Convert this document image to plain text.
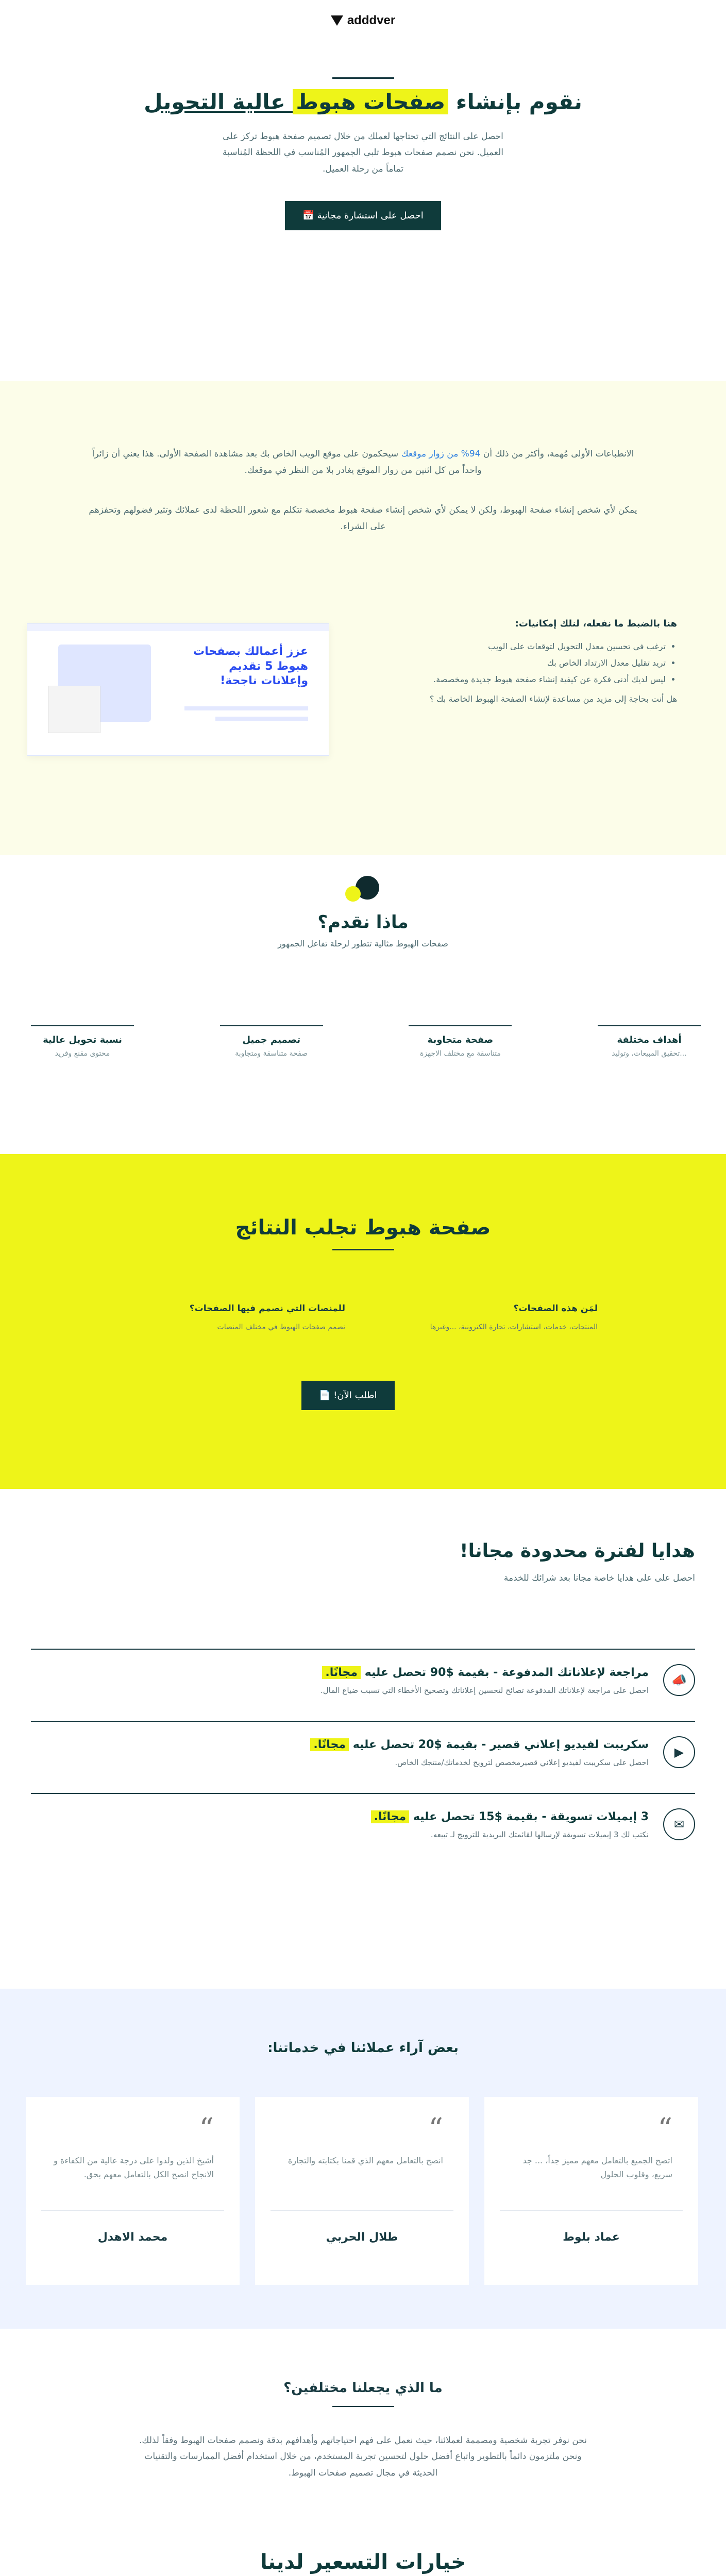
adddver
نقوم بإنشاء صفحات هبوط عالية التحويل

احصل على النتائج التي تحتاجها لعملك من خلال تصميم صفحة هبوط تركز على العميل. نحن نصمم صفحات هبوط تلبي الجمهور المُناسب في اللحظة المُناسبة تماماً من رحلة العميل.

احصل على استشارة مجانية 📅
الانطباعات الأولى مُهمة، وأكثر من ذلك أن 94% من زوار موقعك سيحكمون على موقع الويب الخاص بك بعد مشاهدة الصفحة الأولى. هذا يعني أن زائراً واحداً من كل اثنين من زوار الموقع يغادر بلا من النظر في موقعك.
يمكن لأي شخص إنشاء صفحة الهبوط، ولكن لا يمكن لأي شخص إنشاء صفحة هبوط مخصصة تتكلم مع شعور اللحظة لدى عملائك وتثير فضولهم وتحفزهم على الشراء.
هنا بالضبط ما نفعله، لنلك إمكانيات:
• ترغب في تحسين معدل التحويل لتوقعات على الويب
• تريد تقليل معدل الارتداد الخاص بك
• ليس لديك أدنى فكرة عن كيفية إنشاء صفحة هبوط جديدة ومخصصة.
هل أنت بحاجة إلى مزيد من مساعدة لإنشاء الصفحة الهبوط الخاصة بك ؟
عزز أعمالك بصفحات هبوط 5 تقديم وإعلانات ناجحة!
ماذا نقدم؟
صفحات الهبوط مثالية تتطور لرحلة تفاعل الجمهور
أهداف مختلفة

...تحقيق المبيعات، وتوليد

صفحة متجاوبة

متناسقة مع مختلف الاجهزة

تصميم جميل

صفحة متناسقة ومتجاوبة

نسبة تحويل عالية

محتوى مقنع وفريد

صفحة هبوط تجلب النتائج
لمَن هذه الصفحات؟

المنتجات، خدمات، استشارات، تجارة الكترونية، ...وغيرها

للمنصات التي نصمم فيها الصفحات؟

نصمم صفحات الهبوط في مختلف المنصات

اطلب الآن! 📄
هدايا لفترة محدودة مجانا!
احصل على على هدايا خاصة مجانا بعد شرائك للخدمة
📣
مراجعة لإعلاناتك المدفوعة - بقيمة $90 تحصل عليه مجانًا.
احصل على مراجعة لإعلاناتك المدفوعة تصائح لتحسين إعلاناتك وتصحيح الأخطاء التي تسبب ضياع المال.
▶
سكريبت لفيديو إعلاني قصير - بقيمة $20 تحصل عليه مجانًا.
احصل على سكريبت لفيديو إعلاني قصيرمخصص لترويج لخدماتك/منتجك الخاص.
✉
3 إيميلات تسويقة - بقيمة $15 تحصل عليه مجانًا.
نكتب لك 3 إيميلات تسويقة لإرسالها لقائمتك البريدية للترويج لـ تبيعه.
بعض آراء عملائنا في خدماتنا:
“
اتصح الجميع بالتعامل معهم مميز جداً، ... جد سريع، وقلوب الحلول
عماد بلوط
“
انصح بالتعامل معهم الذي قمنا بكتابته والتجارة
طلال الحربي
“
أشيخ الذين ولدوا على درجة عالية من الكفاءة و الانجاح انصح الكل بالتعامل معهم بحق.
محمد الاهدل
ما الذي يجعلنا مختلفين؟

نحن نوفر تجربة شخصية ومصممة لعملائنا، حيث نعمل على فهم احتياجاتهم وأهدافهم بدقة ونصمم صفحات الهبوط وفقاً لذلك. ونحن ملتزمون دائماً بالتطوير واتباع أفضل حلول لتحسين تجربة المستخدم، من خلال استخدام أفضل الممارسات والتقنيات الحديثة في مجال تصميم صفحات الهبوط.

خيارات التسعير لدينا
